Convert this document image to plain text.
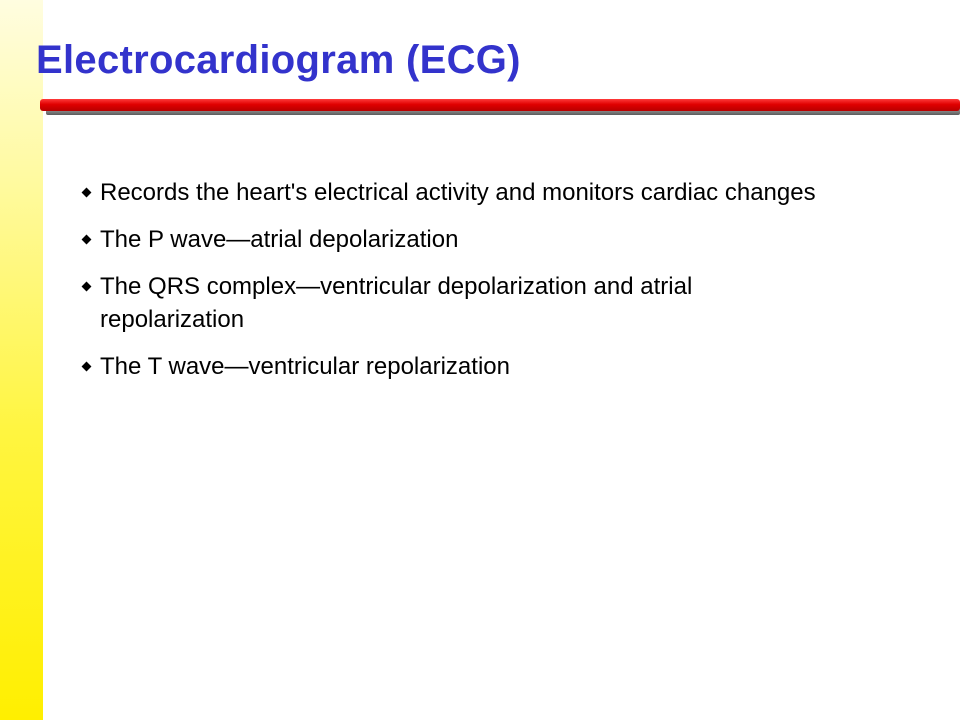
Electrocardiogram (ECG)
Records the heart's electrical activity and monitors cardiac changes
The P wave—atrial depolarization
The QRS complex—ventricular depolarization and atrial repolarization
The T wave—ventricular repolarization
